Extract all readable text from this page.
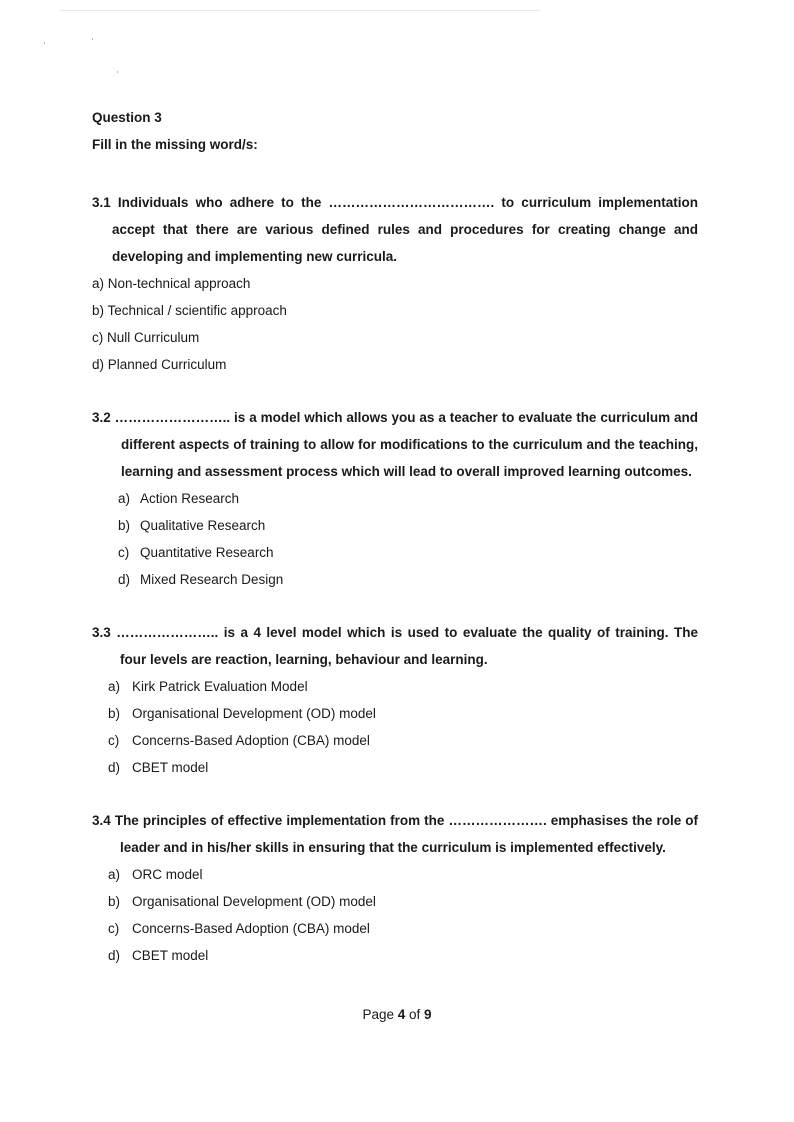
Question 3
Fill in the missing word/s:
3.1 Individuals who adhere to the ………………………………. to curriculum implementation accept that there are various defined rules and procedures for creating change and developing and implementing new curricula.
a) Non-technical approach
b) Technical / scientific approach
c) Null Curriculum
d) Planned Curriculum
3.2 …………………….. is a model which allows you as a teacher to evaluate the curriculum and different aspects of training to allow for modifications to the curriculum and the teaching, learning and assessment process which will lead to overall improved learning outcomes.
a) Action Research
b) Qualitative Research
c) Quantitative Research
d) Mixed Research Design
3.3 ………………….. is a 4 level model which is used to evaluate the quality of training. The four levels are reaction, learning, behaviour and learning.
a) Kirk Patrick Evaluation Model
b) Organisational Development (OD) model
c) Concerns-Based Adoption (CBA) model
d) CBET model
3.4 The principles of effective implementation from the …………………. emphasises the role of leader and in his/her skills in ensuring that the curriculum is implemented effectively.
a) ORC model
b) Organisational Development (OD) model
c) Concerns-Based Adoption (CBA) model
d) CBET model
Page 4 of 9
